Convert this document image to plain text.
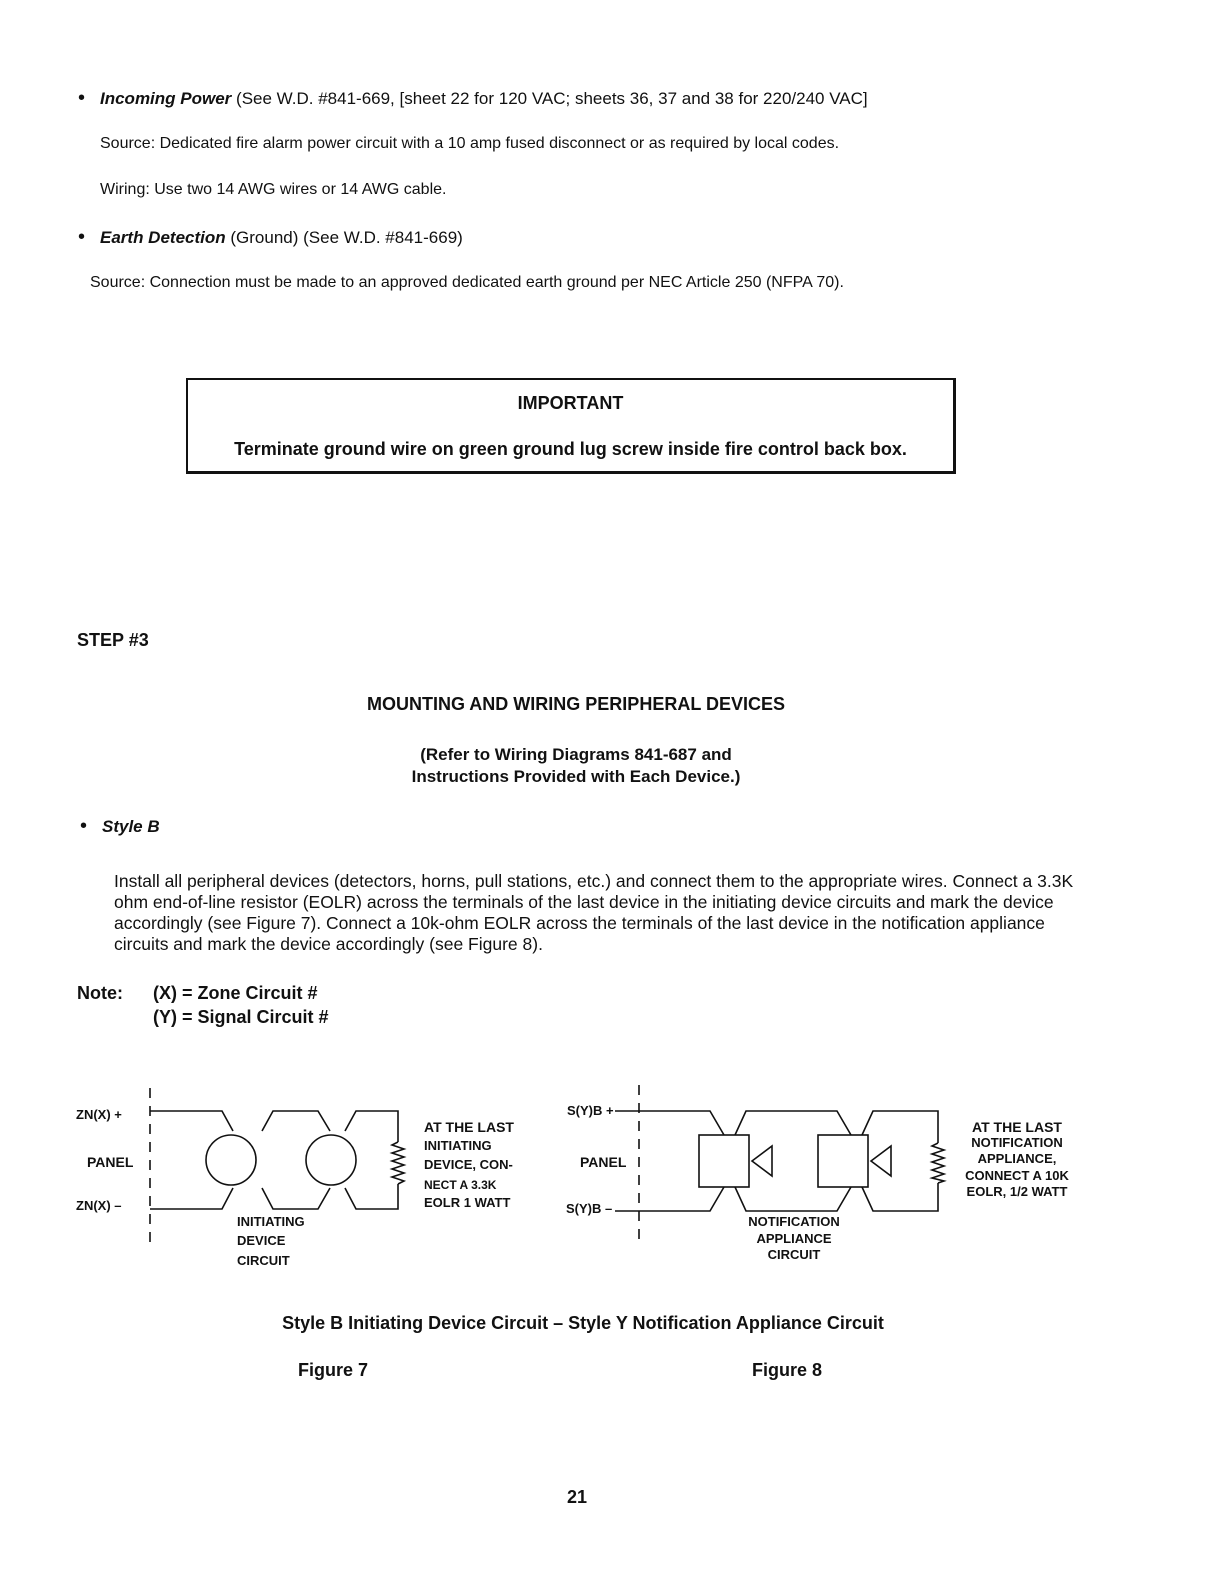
• Incoming Power (See W.D. #841-669, [sheet 22 for 120 VAC; sheets 36, 37 and 38 for 220/240 VAC]
Source: Dedicated fire alarm power circuit with a 10 amp fused disconnect or as required by local codes.
Wiring: Use two 14 AWG wires or 14 AWG cable.
• Earth Detection (Ground) (See W.D. #841-669)
Source: Connection must be made to an approved dedicated earth ground per NEC Article 250 (NFPA 70).
IMPORTANT
Terminate ground wire on green ground lug screw inside fire control back box.
STEP #3
MOUNTING AND WIRING PERIPHERAL DEVICES
(Refer to Wiring Diagrams 841-687 and
Instructions Provided with Each Device.)
• Style B
Install all peripheral devices (detectors, horns, pull stations, etc.) and connect them to the appropriate wires. Connect a 3.3K ohm end-of-line resistor (EOLR) across the terminals of the last device in the initiating device circuits and mark the device accordingly (see Figure 7). Connect a 10k-ohm EOLR across the terminals of the last device in the notification appliance circuits and mark the device accordingly (see Figure 8).
Note: (X) = Zone Circuit #
(Y) = Signal Circuit #
ZN(X) +
PANEL
ZN(X) –
INITIATING
DEVICE
CIRCUIT
AT THE LAST
INITIATING
DEVICE, CON-
NECT A 3.3K
EOLR 1 WATT
S(Y)B +
PANEL
S(Y)B –
NOTIFICATION
APPLIANCE
CIRCUIT
AT THE LAST
NOTIFICATION
APPLIANCE,
CONNECT A 10K
EOLR, 1/2 WATT
Style B Initiating Device Circuit – Style Y Notification Appliance Circuit
Figure 7	Figure 8
21
